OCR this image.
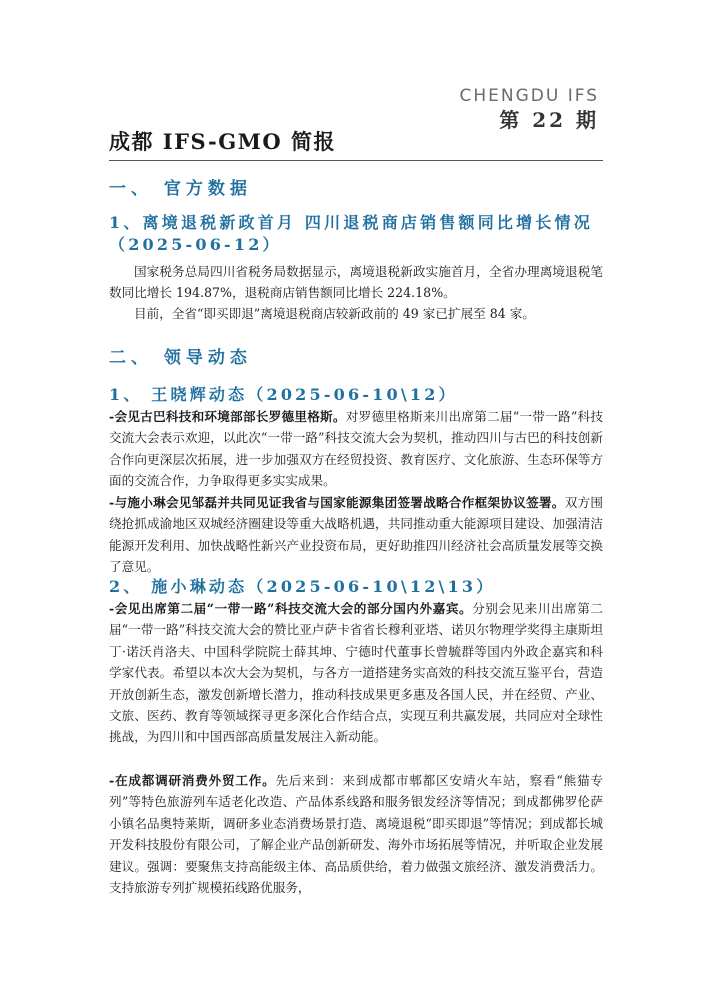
CHENGDU IFS
第 22 期
成都 IFS-GMO 简报
一、 官方数据
1、离境退税新政首月 四川退税商店销售额同比增长情况（2025-06-12）
国家税务总局四川省税务局数据显示，离境退税新政实施首月，全省办理离境退税笔数同比增长 194.87%，退税商店销售额同比增长 224.18%。
目前，全省“即买即退”离境退税商店较新政前的 49 家已扩展至 84 家。
二、 领导动态
1、 王晓辉动态（2025-06-10\12）
-会见古巴科技和环境部部长罗德里格斯。对罗德里格斯来川出席第二届“一带一路”科技交流大会表示欢迎，以此次“一带一路”科技交流大会为契机，推动四川与古巴的科技创新合作向更深层次拓展，进一步加强双方在经贸投资、教育医疗、文化旅游、生态环保等方面的交流合作，力争取得更多实实成果。
-与施小琳会见邹磊并共同见证我省与国家能源集团签署战略合作框架协议签署。双方围绕抢抓成渝地区双城经济圈建设等重大战略机遇，共同推动重大能源项目建设、加强清洁能源开发利用、加快战略性新兴产业投资布局，更好助推四川经济社会高质量发展等交换了意见。
2、 施小琳动态（2025-06-10\12\13）
-会见出席第二届“一带一路”科技交流大会的部分国内外嘉宾。分别会见来川出席第二届“一带一路”科技交流大会的赞比亚卢萨卡省省长穆利亚塔、诺贝尔物理学奖得主康斯坦丁·诺沃肖洛夫、中国科学院院士薛其坤、宁德时代董事长曾毓群等国内外政企嘉宾和科学家代表。希望以本次大会为契机，与各方一道搭建务实高效的科技交流互鉴平台，营造开放创新生态，激发创新增长潜力，推动科技成果更多惠及各国人民，并在经贸、产业、文旅、医药、教育等领域探寻更多深化合作结合点，实现互利共赢发展，共同应对全球性挑战，为四川和中国西部高质量发展注入新动能。
-在成都调研消费外贸工作。先后来到：来到成都市郫都区安靖火车站，察看“熊猫专列”等特色旅游列车适老化改造、产品体系线路和服务银发经济等情况；到成都佛罗伦萨小镇名品奥特莱斯，调研多业态消费场景打造、离境退税“即买即退”等情况；到成都长城开发科技股份有限公司，了解企业产品创新研发、海外市场拓展等情况，并听取企业发展建议。强调：要聚焦支持高能级主体、高品质供给，着力做强文旅经济、激发消费活力。支持旅游专列扩规模拓线路优服务，
